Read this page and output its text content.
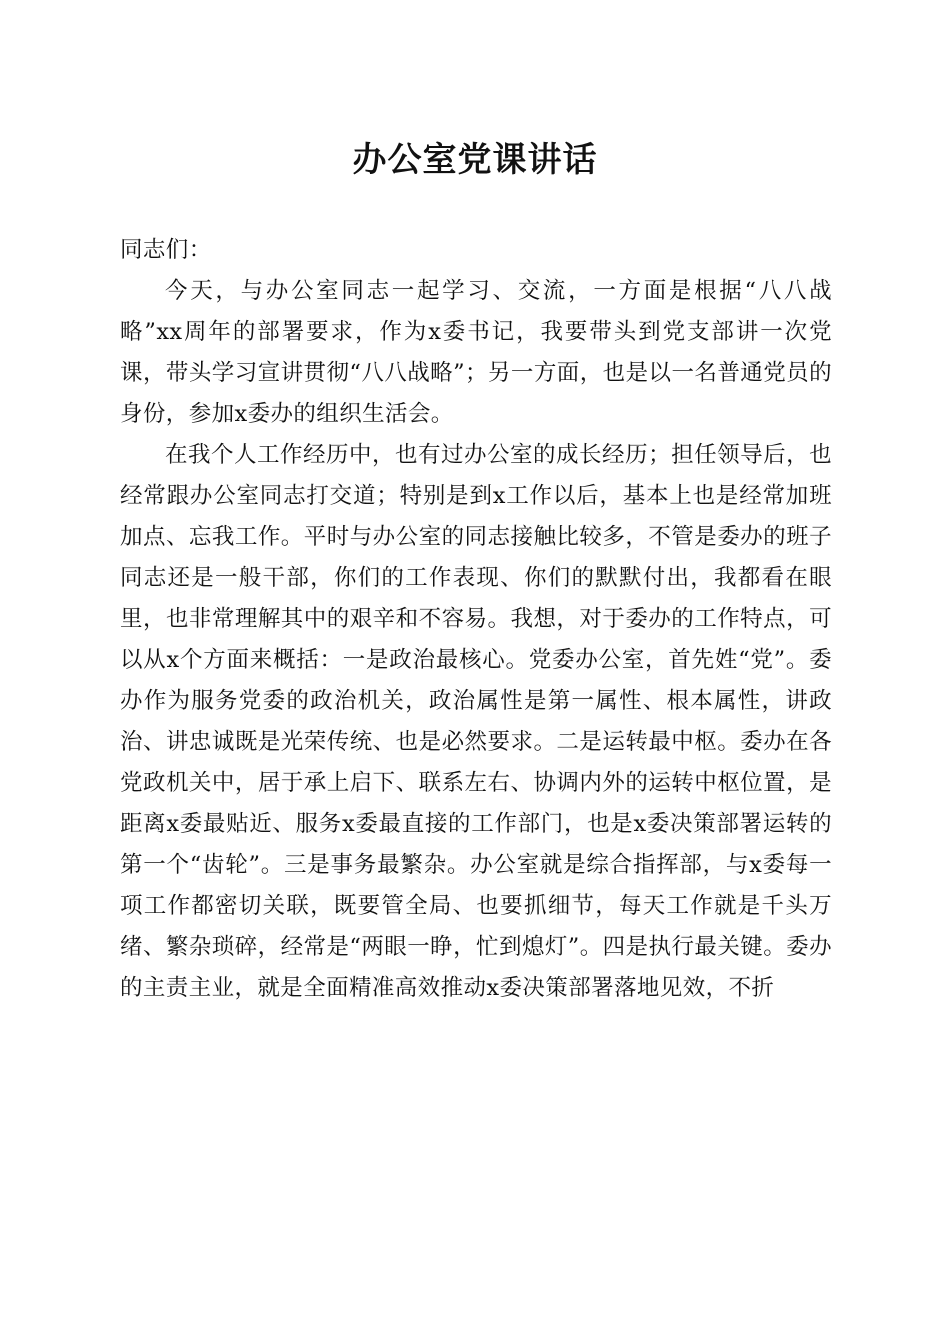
办公室党课讲话

同志们：

今天，与办公室同志一起学习、交流，一方面是根据“八八战略”xx周年的部署要求，作为x委书记，我要带头到党支部讲一次党课，带头学习宣讲贯彻“八八战略”；另一方面，也是以一名普通党员的身份，参加x委办的组织生活会。

在我个人工作经历中，也有过办公室的成长经历；担任领导后，也经常跟办公室同志打交道；特别是到x工作以后，基本上也是经常加班加点、忘我工作。平时与办公室的同志接触比较多，不管是委办的班子同志还是一般干部，你们的工作表现、你们的默默付出，我都看在眼里，也非常理解其中的艰辛和不容易。我想，对于委办的工作特点，可以从x个方面来概括：一是政治最核心。党委办公室，首先姓“党”。委办作为服务党委的政治机关，政治属性是第一属性、根本属性，讲政治、讲忠诚既是光荣传统、也是必然要求。二是运转最中枢。委办在各党政机关中，居于承上启下、联系左右、协调内外的运转中枢位置，是距离x委最贴近、服务x委最直接的工作部门，也是x委决策部署运转的第一个“齿轮”。三是事务最繁杂。办公室就是综合指挥部，与x委每一项工作都密切关联，既要管全局、也要抓细节，每天工作就是千头万绪、繁杂琐碎，经常是“两眼一睁，忙到熄灯”。四是执行最关键。委办的主责主业，就是全面精准高效推动x委决策部署落地见效，不折
